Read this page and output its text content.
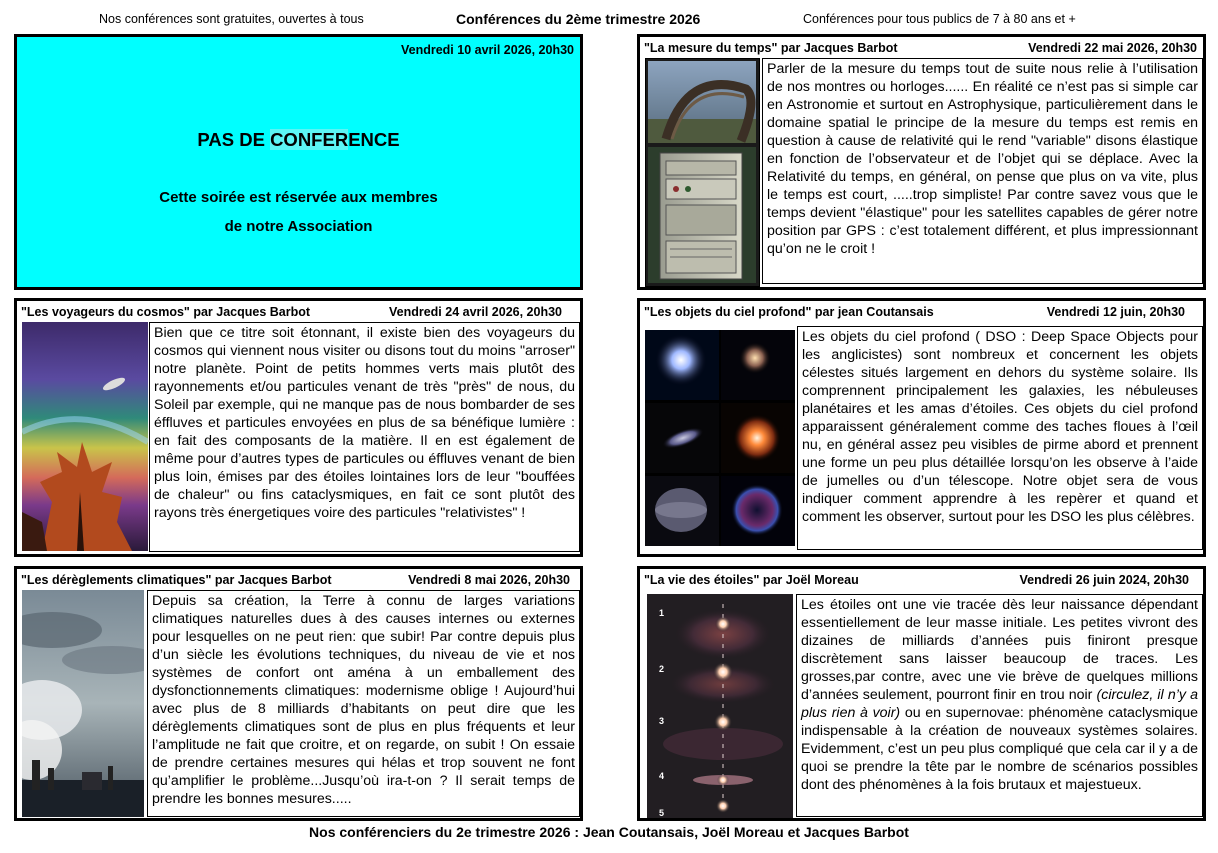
Nos conférences sont gratuites, ouvertes à tous	Conférences du 2ème trimestre 2026	Conférences pour tous publics de 7 à 80 ans et +
Vendredi 10 avril 2026, 20h30
PAS DE CONFERENCE
Cette soirée est réservée aux membres
de notre Association
"La mesure du temps" par Jacques Barbot	Vendredi 22 mai 2026, 20h30
Parler de la mesure du temps tout de suite nous relie à l’utilisation de nos montres ou horloges...... En réalité ce n’est pas si simple car en Astronomie et surtout en Astrophysique, particulièrement dans le domaine spatial le principe de la mesure du temps est remis en question à cause de relativité qui le rend "variable" disons élastique en fonction de l’observateur et de l’objet qui se déplace. Avec la Relativité du temps, en général, on pense que plus on va vite, plus le temps est court, .....trop simpliste! Par contre savez vous que le temps devient "élastique" pour les satellites capables de gérer notre position par GPS : c’est totalement différent, et plus impressionnant qu’on ne le croit !
"Les voyageurs du cosmos" par Jacques Barbot	Vendredi 24 avril 2026, 20h30
Bien que ce titre soit étonnant, il existe bien des voyageurs du cosmos qui viennent nous visiter ou disons tout du moins "arroser" notre planète. Point de petits hommes verts mais plutôt des rayonnements et/ou particules venant de très "près" de nous, du Soleil par exemple, qui ne manque pas de nous bombarder de ses éffluves et particules envoyées en plus de sa bénéfique lumière : en fait des composants de la matière. Il en est également de même pour d’autres types de particules ou éffluves venant de bien plus loin, émises par des étoiles lointaines lors de leur "bouffées de chaleur" ou fins cataclysmiques, en fait ce sont plutôt des rayons très énergetiques voire des particules "relativistes" !
"Les objets du ciel profond" par jean Coutansais	Vendredi 12 juin, 20h30
Les objets du ciel profond ( DSO : Deep Space Objects pour les anglicistes) sont nombreux et concernent les objets célestes situés largement en dehors du système solaire. Ils comprennent principalement les galaxies, les nébuleuses planétaires et les amas d’étoiles. Ces objets du ciel profond apparaissent généralement comme des taches floues à l’œil nu, en général assez peu visibles de pirme abord et prennent une forme un peu plus détaillée lorsqu’on les observe à l’aide de jumelles ou d’un télescope. Notre objet sera de vous indiquer comment apprendre à les repèrer et quand et comment les observer, surtout pour les DSO les plus célèbres.
"Les dérèglements climatiques" par Jacques Barbot	Vendredi 8 mai 2026, 20h30
Depuis sa création, la Terre à connu de larges variations climatiques naturelles dues à des causes internes ou externes pour lesquelles on ne peut rien: que subir! Par contre depuis plus d’un siècle les évolutions techniques, du niveau de vie et nos systèmes de confort ont aména à un emballement des dysfonctionnements climatiques: modernisme oblige ! Aujourd’hui avec plus de 8 milliards d’habitants on peut dire que les dérèglements climatiques sont de plus en plus fréquents et leur l’amplitude ne fait que croitre, et on regarde, on subit ! On essaie de prendre certaines mesures qui hélas et trop souvent ne font qu’amplifier le problème...Jusqu’où ira-t-on ? Il serait temps de prendre les bonnes mesures.....
"La vie des étoiles" par Joël Moreau	Vendredi 26 juin 2024, 20h30
1
2
3
4
5
Les étoiles ont une vie tracée dès leur naissance dépendant essentiellement de leur masse initiale. Les petites vivront des dizaines de milliards d’années puis finiront presque discrètement sans laisser beaucoup de traces. Les grosses,par contre, avec une vie brève de quelques millions d’années seulement, pourront finir en trou noir (circulez, il n’y a plus rien à voir) ou en supernovae: phénomène cataclysmique indispensable à la création de nouveaux systèmes solaires. Evidemment, c’est un peu plus compliqué que cela car il y a de quoi se prendre la tête par le nombre de scénarios possibles dont des phénomènes à la fois brutaux et majestueux.
Nos conférenciers du 2e trimestre 2026 : Jean Coutansais, Joël Moreau et Jacques Barbot
